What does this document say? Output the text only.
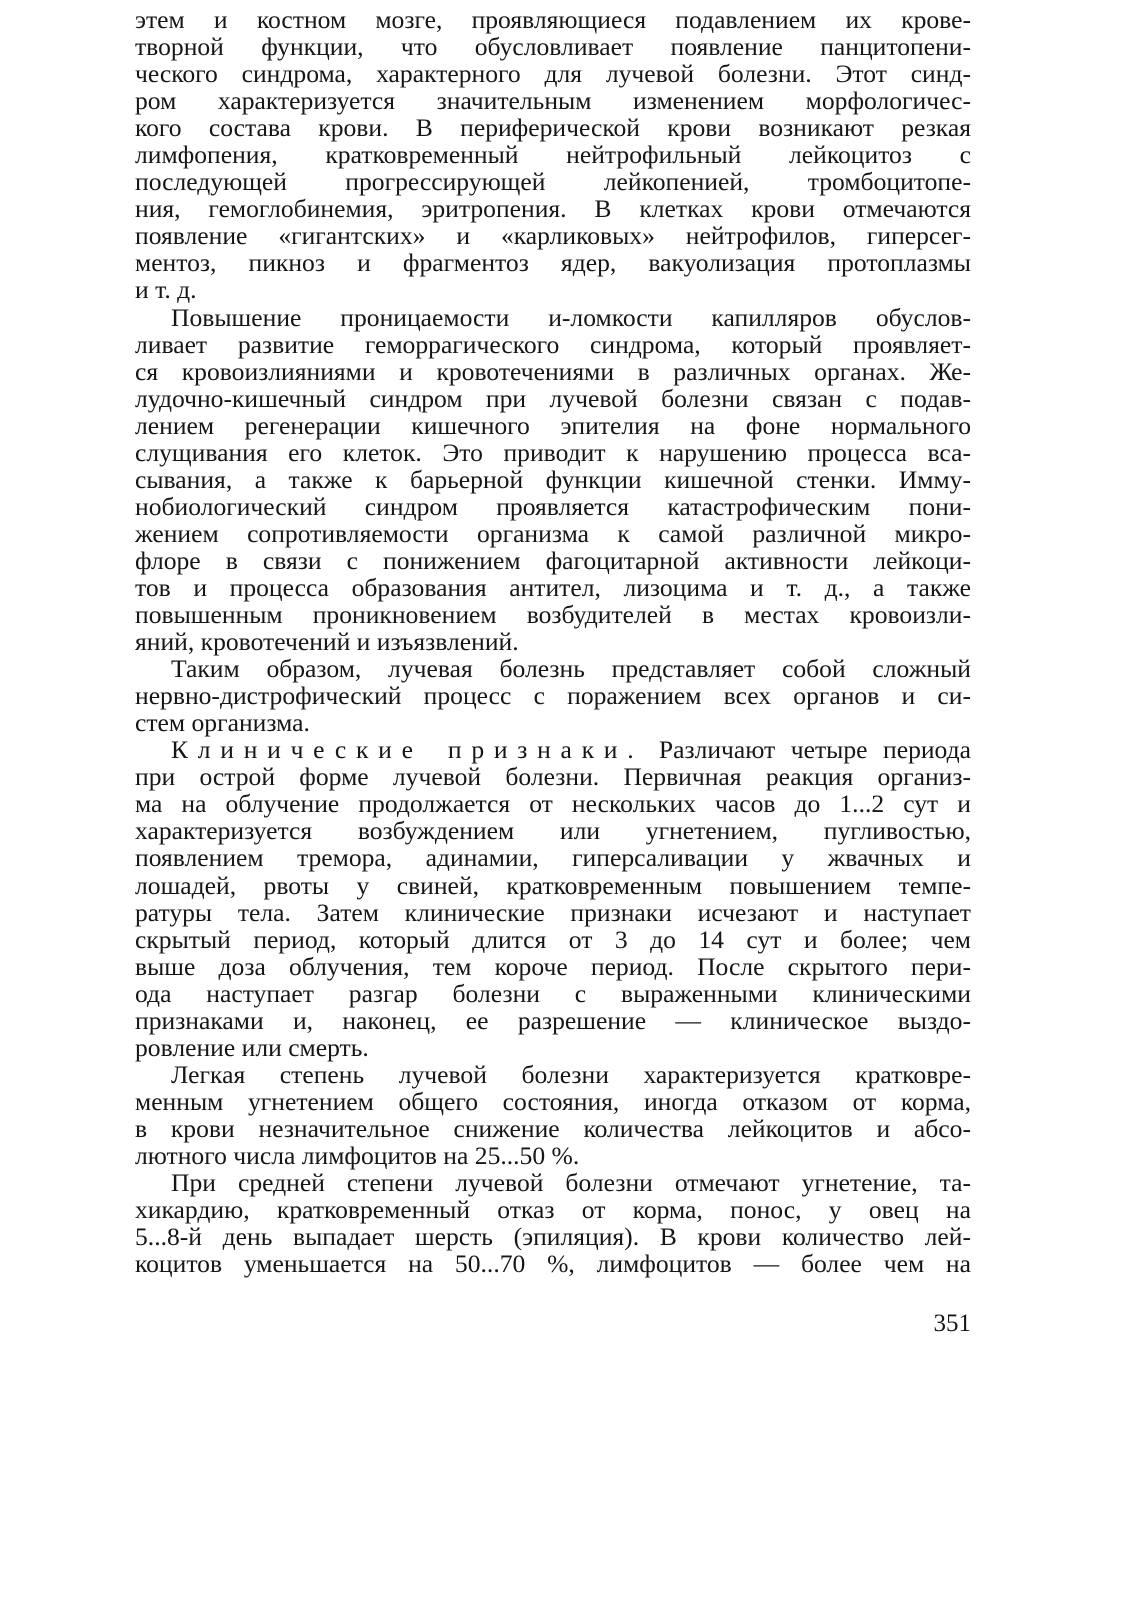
этем и костном мозге, проявляющиеся подавлением их крове-
творной функции, что обусловливает появление панцитопени-
ческого синдрома, характерного для лучевой болезни. Этот синд-
ром характеризуется значительным изменением морфологичес-
кого состава крови. В периферической крови возникают резкая
лимфопения, кратковременный нейтрофильный лейкоцитоз с
последующей прогрессирующей лейкопенией, тромбоцитопе-
ния, гемоглобинемия, эритропения. В клетках крови отмечаются
появление «гигантских» и «карликовых» нейтрофилов, гиперсег-
ментоз, пикноз и фрагментоз ядер, вакуолизация протоплазмы
и т. д.
Повышение проницаемости и-ломкости капилляров обуслов-
ливает развитие геморрагического синдрома, который проявляет-
ся кровоизлияниями и кровотечениями в различных органах. Же-
лудочно-кишечный синдром при лучевой болезни связан с подав-
лением регенерации кишечного эпителия на фоне нормального
слущивания его клеток. Это приводит к нарушению процесса вса-
сывания, а также к барьерной функции кишечной стенки. Имму-
нобиологический синдром проявляется катастрофическим пони-
жением сопротивляемости организма к самой различной микро-
флоре в связи с понижением фагоцитарной активности лейкоци-
тов и процесса образования антител, лизоцима и т. д., а также
повышенным проникновением возбудителей в местах кровоизли-
яний, кровотечений и изъязвлений.
Таким образом, лучевая болезнь представляет собой сложный
нервно-дистрофический процесс с поражением всех органов и си-
стем организма.
Клинические признаки. Различают четыре периода
при острой форме лучевой болезни. Первичная реакция организ-
ма на облучение продолжается от нескольких часов до 1...2 сут и
характеризуется возбуждением или угнетением, пугливостью,
появлением тремора, адинамии, гиперсаливации у жвачных и
лошадей, рвоты у свиней, кратковременным повышением темпе-
ратуры тела. Затем клинические признаки исчезают и наступает
скрытый период, который длится от 3 до 14 сут и более; чем
выше доза облучения, тем короче период. После скрытого пери-
ода наступает разгар болезни с выраженными клиническими
признаками и, наконец, ее разрешение — клиническое выздо-
ровление или смерть.
Легкая степень лучевой болезни характеризуется кратковре-
менным угнетением общего состояния, иногда отказом от корма,
в крови незначительное снижение количества лейкоцитов и абсо-
лютного числа лимфоцитов на 25...50 %.
При средней степени лучевой болезни отмечают угнетение, та-
хикардию, кратковременный отказ от корма, понос, у овец на
5...8-й день выпадает шерсть (эпиляция). В крови количество лей-
коцитов уменьшается на 50...70 %, лимфоцитов — более чем на
351
